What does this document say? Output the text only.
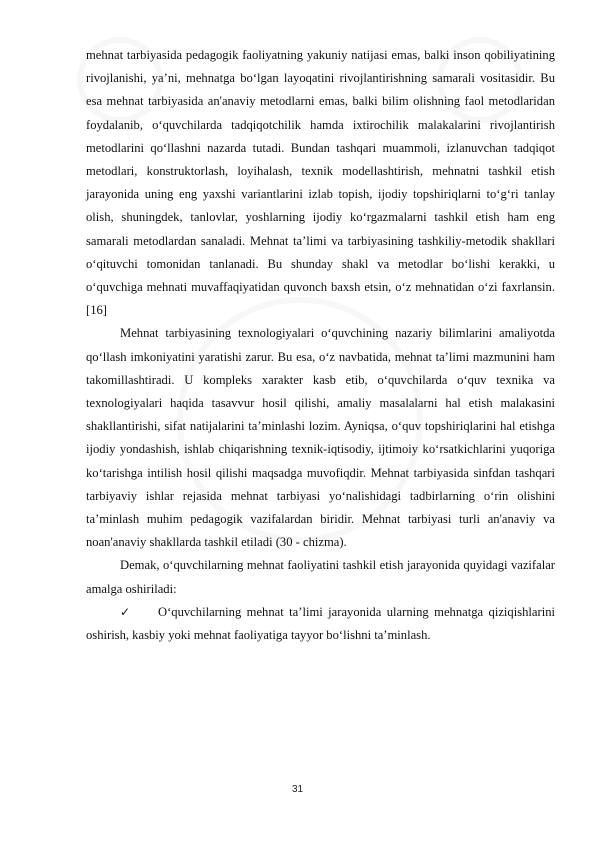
mehnat tarbiyasida pedagogik faoliyatning yakuniy natijasi emas, balki inson qobiliyatining rivojlanishi, ya’ni, mehnatga bo‘lgan layoqatini rivojlantirishning samarali vositasidir. Bu esa mehnat tarbiyasida an'anaviy metodlarni emas, balki bilim olishning faol metodlaridan foydalanib, o‘quvchilarda tadqiqotchilik hamda ixtirochilik malakalarini rivojlantirish metodlarini qo‘llashni nazarda tutadi. Bundan tashqari muammoli, izlanuvchan tadqiqot metodlari, konstruktorlash, loyihalash, texnik modellashtirish, mehnatni tashkil etish jarayonida uning eng yaxshi variantlarini izlab topish, ijodiy topshiriqlarni to‘g‘ri tanlay olish, shuningdek, tanlovlar, yoshlarning ijodiy ko‘rgazmalarni tashkil etish ham eng samarali metodlardan sanaladi. Mehnat ta’limi va tarbiyasining tashkiliy-metodik shakllari o‘qituvchi tomonidan tanlanadi. Bu shunday shakl va metodlar bo‘lishi kerakki, u o‘quvchiga mehnati muvaffaqiyatidan quvonch baxsh etsin, o‘z mehnatidan o‘zi faxrlansin. [16]

Mehnat tarbiyasining texnologiyalari o‘quvchining nazariy bilimlarini amaliyotda qo‘llash imkoniyatini yaratishi zarur. Bu esa, o‘z navbatida, mehnat ta’limi mazmunini ham takomillashtiradi. U kompleks xarakter kasb etib, o‘quvchilarda o‘quv texnika va texnologiyalari haqida tasavvur hosil qilishi, amaliy masalalarni hal etish malakasini shakllantirishi, sifat natijalarini ta’minlashi lozim. Ayniqsa, o‘quv topshiriqlarini hal etishga ijodiy yondashish, ishlab chiqarishning texnik-iqtisodiy, ijtimoiy ko‘rsatkichlarini yuqoriga ko‘tarishga intilish hosil qilishi maqsadga muvofiqdir. Mehnat tarbiyasida sinfdan tashqari tarbiyaviy ishlar rejasida mehnat tarbiyasi yo‘nalishidagi tadbirlarning o‘rin olishini ta’minlash muhim pedagogik vazifalardan biridir. Mehnat tarbiyasi turli an'anaviy va noan'anaviy shakllarda tashkil etiladi (30 - chizma).

Demak, o‘quvchilarning mehnat faoliyatini tashkil etish jarayonida quyidagi vazifalar amalga oshiriladi:

✓	O‘quvchilarning mehnat ta’limi jarayonida ularning mehnatga qiziqishlarini oshirish, kasbiy yoki mehnat faoliyatiga tayyor bo‘lishni ta’minlash.
31
